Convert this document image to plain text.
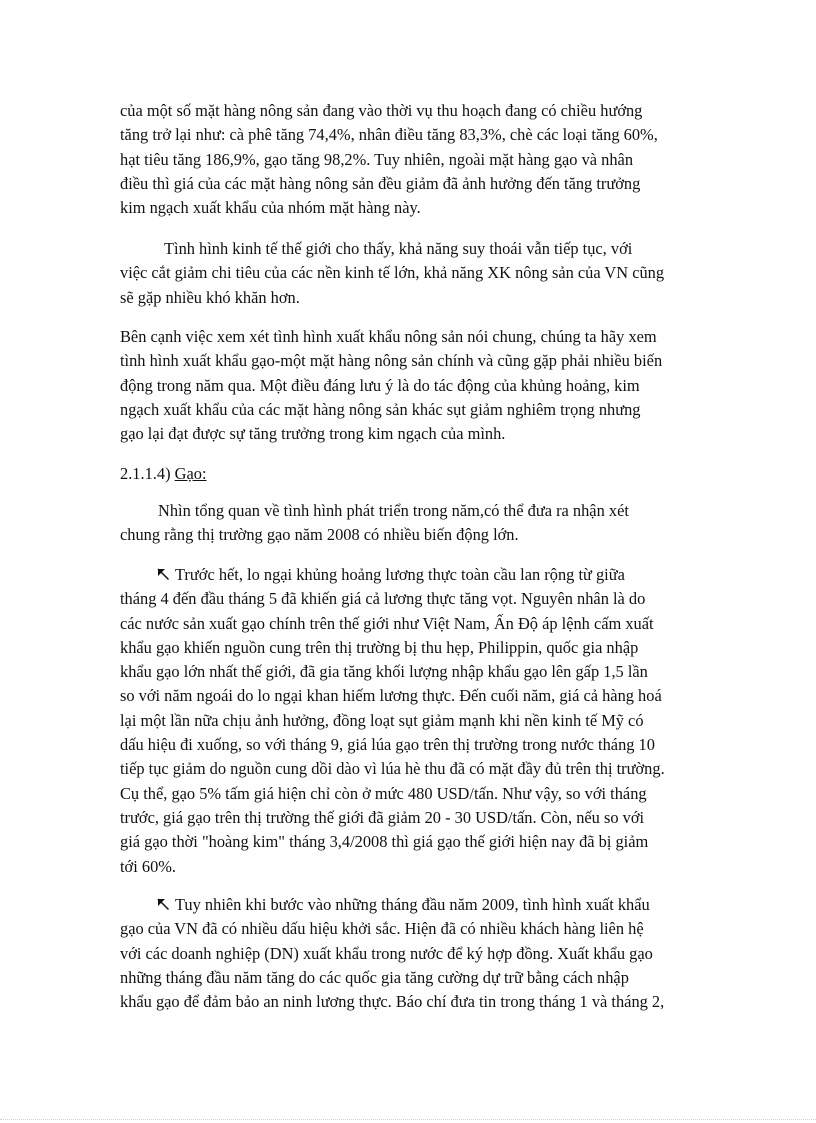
của một số mặt hàng nông sản đang vào thời vụ thu hoạch đang có chiều hướng
tăng trở lại như: cà phê tăng 74,4%, nhân điều tăng 83,3%, chè các loại tăng 60%,
hạt tiêu tăng 186,9%, gạo tăng 98,2%. Tuy nhiên, ngoài mặt hàng gạo và nhân
điều thì giá của các mặt hàng nông sản đều giảm đã ảnh hưởng đến tăng trưởng
kim ngạch xuất khẩu của nhóm mặt hàng này.
Tình hình kinh tế thế giới cho thấy, khả năng suy thoái vẫn tiếp tục, với
việc cắt giảm chi tiêu của các nền kinh tế lớn, khả năng XK nông sản của VN cũng
sẽ gặp nhiều khó khăn hơn.
Bên cạnh việc xem xét tình hình xuất khẩu nông sản nói chung, chúng ta hãy xem
tình hình xuất khẩu gạo-một mặt hàng nông sản chính và cũng gặp phải nhiều biến
động trong năm qua. Một điều đáng lưu ý là do tác động của khủng hoảng, kim
ngạch xuất khẩu của các mặt hàng nông sản khác sụt giảm nghiêm trọng nhưng
gạo lại đạt được sự tăng trưởng trong kim ngạch của mình.
2.1.1.4) Gạo:
Nhìn tổng quan về tình hình phát triển trong năm,có thể đưa ra nhận xét
chung rằng thị trường gạo năm 2008 có nhiều biến động lớn.
Trước hết, lo ngại khủng hoảng lương thực toàn cầu lan rộng từ giữa
tháng 4 đến đầu tháng 5 đã khiến giá cả lương thực tăng vọt. Nguyên nhân là do
các nước sản xuất gạo chính trên thế giới như Việt Nam, Ấn Độ áp lệnh cấm xuất
khẩu gạo khiến nguồn cung trên thị trường bị thu hẹp, Philippin, quốc gia nhập
khẩu gạo lớn nhất thế giới, đã gia tăng khối lượng nhập khẩu gạo lên gấp 1,5 lần
so với năm ngoái do lo ngại khan hiếm lương thực. Đến cuối năm, giá cả hàng hoá
lại một lần nữa chịu ảnh hưởng, đồng loạt sụt giảm mạnh khi nền kinh tế Mỹ có
dấu hiệu đi xuống, so với tháng 9, giá lúa gạo trên thị trường trong nước tháng 10
tiếp tục giảm do nguồn cung dồi dào vì lúa hè thu đã có mặt đầy đủ trên thị trường.
Cụ thể, gạo 5% tấm giá hiện chỉ còn ở mức 480 USD/tấn. Như vậy, so với tháng
trước, giá gạo trên thị trường thế giới đã giảm 20 - 30 USD/tấn. Còn, nếu so với
giá gạo thời "hoàng kim" tháng 3,4/2008 thì giá gạo thế giới hiện nay đã bị giảm
tới 60%.
Tuy nhiên khi bước vào những tháng đầu năm 2009, tình hình xuất khẩu
gạo của VN đã có nhiều dấu hiệu khởi sắc. Hiện đã có nhiều khách hàng liên hệ
với các doanh nghiệp (DN) xuất khẩu trong nước để ký hợp đồng. Xuất khẩu gạo
những tháng đầu năm tăng do các quốc gia tăng cường dự trữ bằng cách nhập
khẩu gạo để đảm bảo an ninh lương thực. Báo chí đưa tin trong tháng 1 và tháng 2,
